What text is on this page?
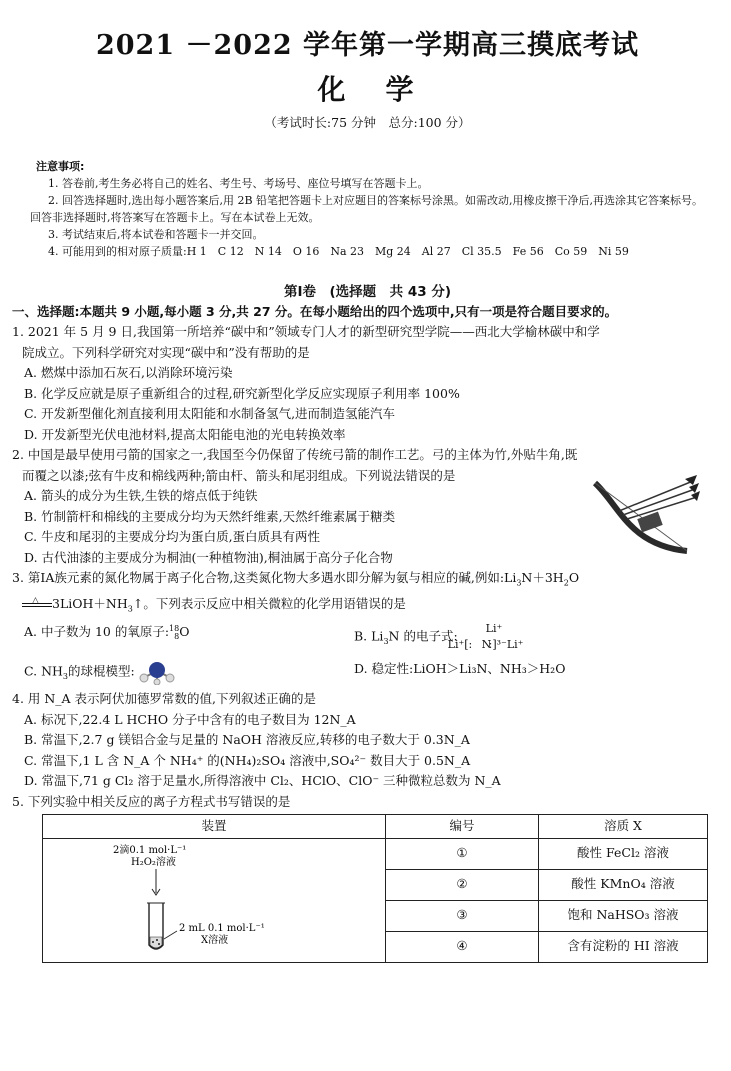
2021 －2022 学年第一学期高三摸底考试
化学
（考试时长:75 分钟　总分:100 分）
注意事项:
1. 答卷前,考生务必将自己的姓名、考生号、考场号、座位号填写在答题卡上。
2. 回答选择题时,选出每小题答案后,用 2B 铅笔把答题卡上对应题目的答案标号涂黑。如需改动,用橡皮擦干净后,再选涂其它答案标号。回答非选择题时,将答案写在答题卡上。写在本试卷上无效。
3. 考试结束后,将本试卷和答题卡一并交回。
4. 可能用到的相对原子质量:H 1　C 12　N 14　O 16　Na 23　Mg 24　Al 27　Cl 35.5　Fe 56　Co 59　Ni 59
第Ⅰ卷　(选择题　共 43 分)
一、选择题:本题共 9 小题,每小题 3 分,共 27 分。在每小题给出的四个选项中,只有一项是符合题目要求的。
1. 2021 年 5 月 9 日,我国第一所培养“碳中和”领域专门人才的新型研究型学院——西北大学榆林碳中和学
院成立。下列科学研究对实现“碳中和”没有帮助的是
A. 燃煤中添加石灰石,以消除环境污染
B. 化学反应就是原子重新组合的过程,研究新型化学反应实现原子利用率 100%
C. 开发新型催化剂直接利用太阳能和水制备氢气,进而制造氢能汽车
D. 开发新型光伏电池材料,提高太阳能电池的光电转换效率
2. 中国是最早使用弓箭的国家之一,我国至今仍保留了传统弓箭的制作工艺。弓的主体为竹,外贴牛角,既
而覆之以漆;弦有牛皮和棉线两种;箭由杆、箭头和尾羽组成。下列说法错误的是
A. 箭头的成分为生铁,生铁的熔点低于纯铁
B. 竹制箭杆和棉线的主要成分均为天然纤维素,天然纤维素属于糖类
C. 牛皮和尾羽的主要成分均为蛋白质,蛋白质具有两性
D. 古代油漆的主要成分为桐油(一种植物油),桐油属于高分子化合物
3. 第ⅠA族元素的氮化物属于离子化合物,这类氮化物大多遇水即分解为氨与相应的碱,例如$:Li_3N+3H_2O$
△ $3LiOH+NH_3↑$。下列表示反应中相关微粒的化学用语错误的是
A. 中子数为 10 的氧原子:18
8O	B. $Li_3N$ 的电子式:	Li⁺
Li⁺[: N
:]³⁻Li⁺
C. $NH_3$的球棍模型:	D. 稳定性:LiOH＞Li₃N、NH₃＞H₂O
4. 用 N_A 表示阿伏加德罗常数的值,下列叙述正确的是
A. 标况下,22.4 L HCHO 分子中含有的电子数目为 12N_A
B. 常温下,2.7 g 镁铝合金与足量的 NaOH 溶液反应,转移的电子数大于 0.3N_A
C. 常温下,1 L 含 N_A 个 NH₄⁺ 的(NH₄)₂SO₄ 溶液中,SO₄²⁻ 数目大于 0.5N_A
D. 常温下,71 g Cl₂ 溶于足量水,所得溶液中 Cl₂、HClO、ClO⁻ 三种微粒总数为 N_A
5. 下列实验中相关反应的离子方程式书写错误的是
装置	编号	溶质 X

2滴0.1 mol·L⁻¹
H₂O₂溶液
2 mL 0.1 mol·L⁻¹
X溶液	①	酸性 FeCl₂ 溶液
	②	酸性 KMnO₄ 溶液
	③	饱和 NaHSO₃ 溶液
	④	含有淀粉的 HI 溶液
